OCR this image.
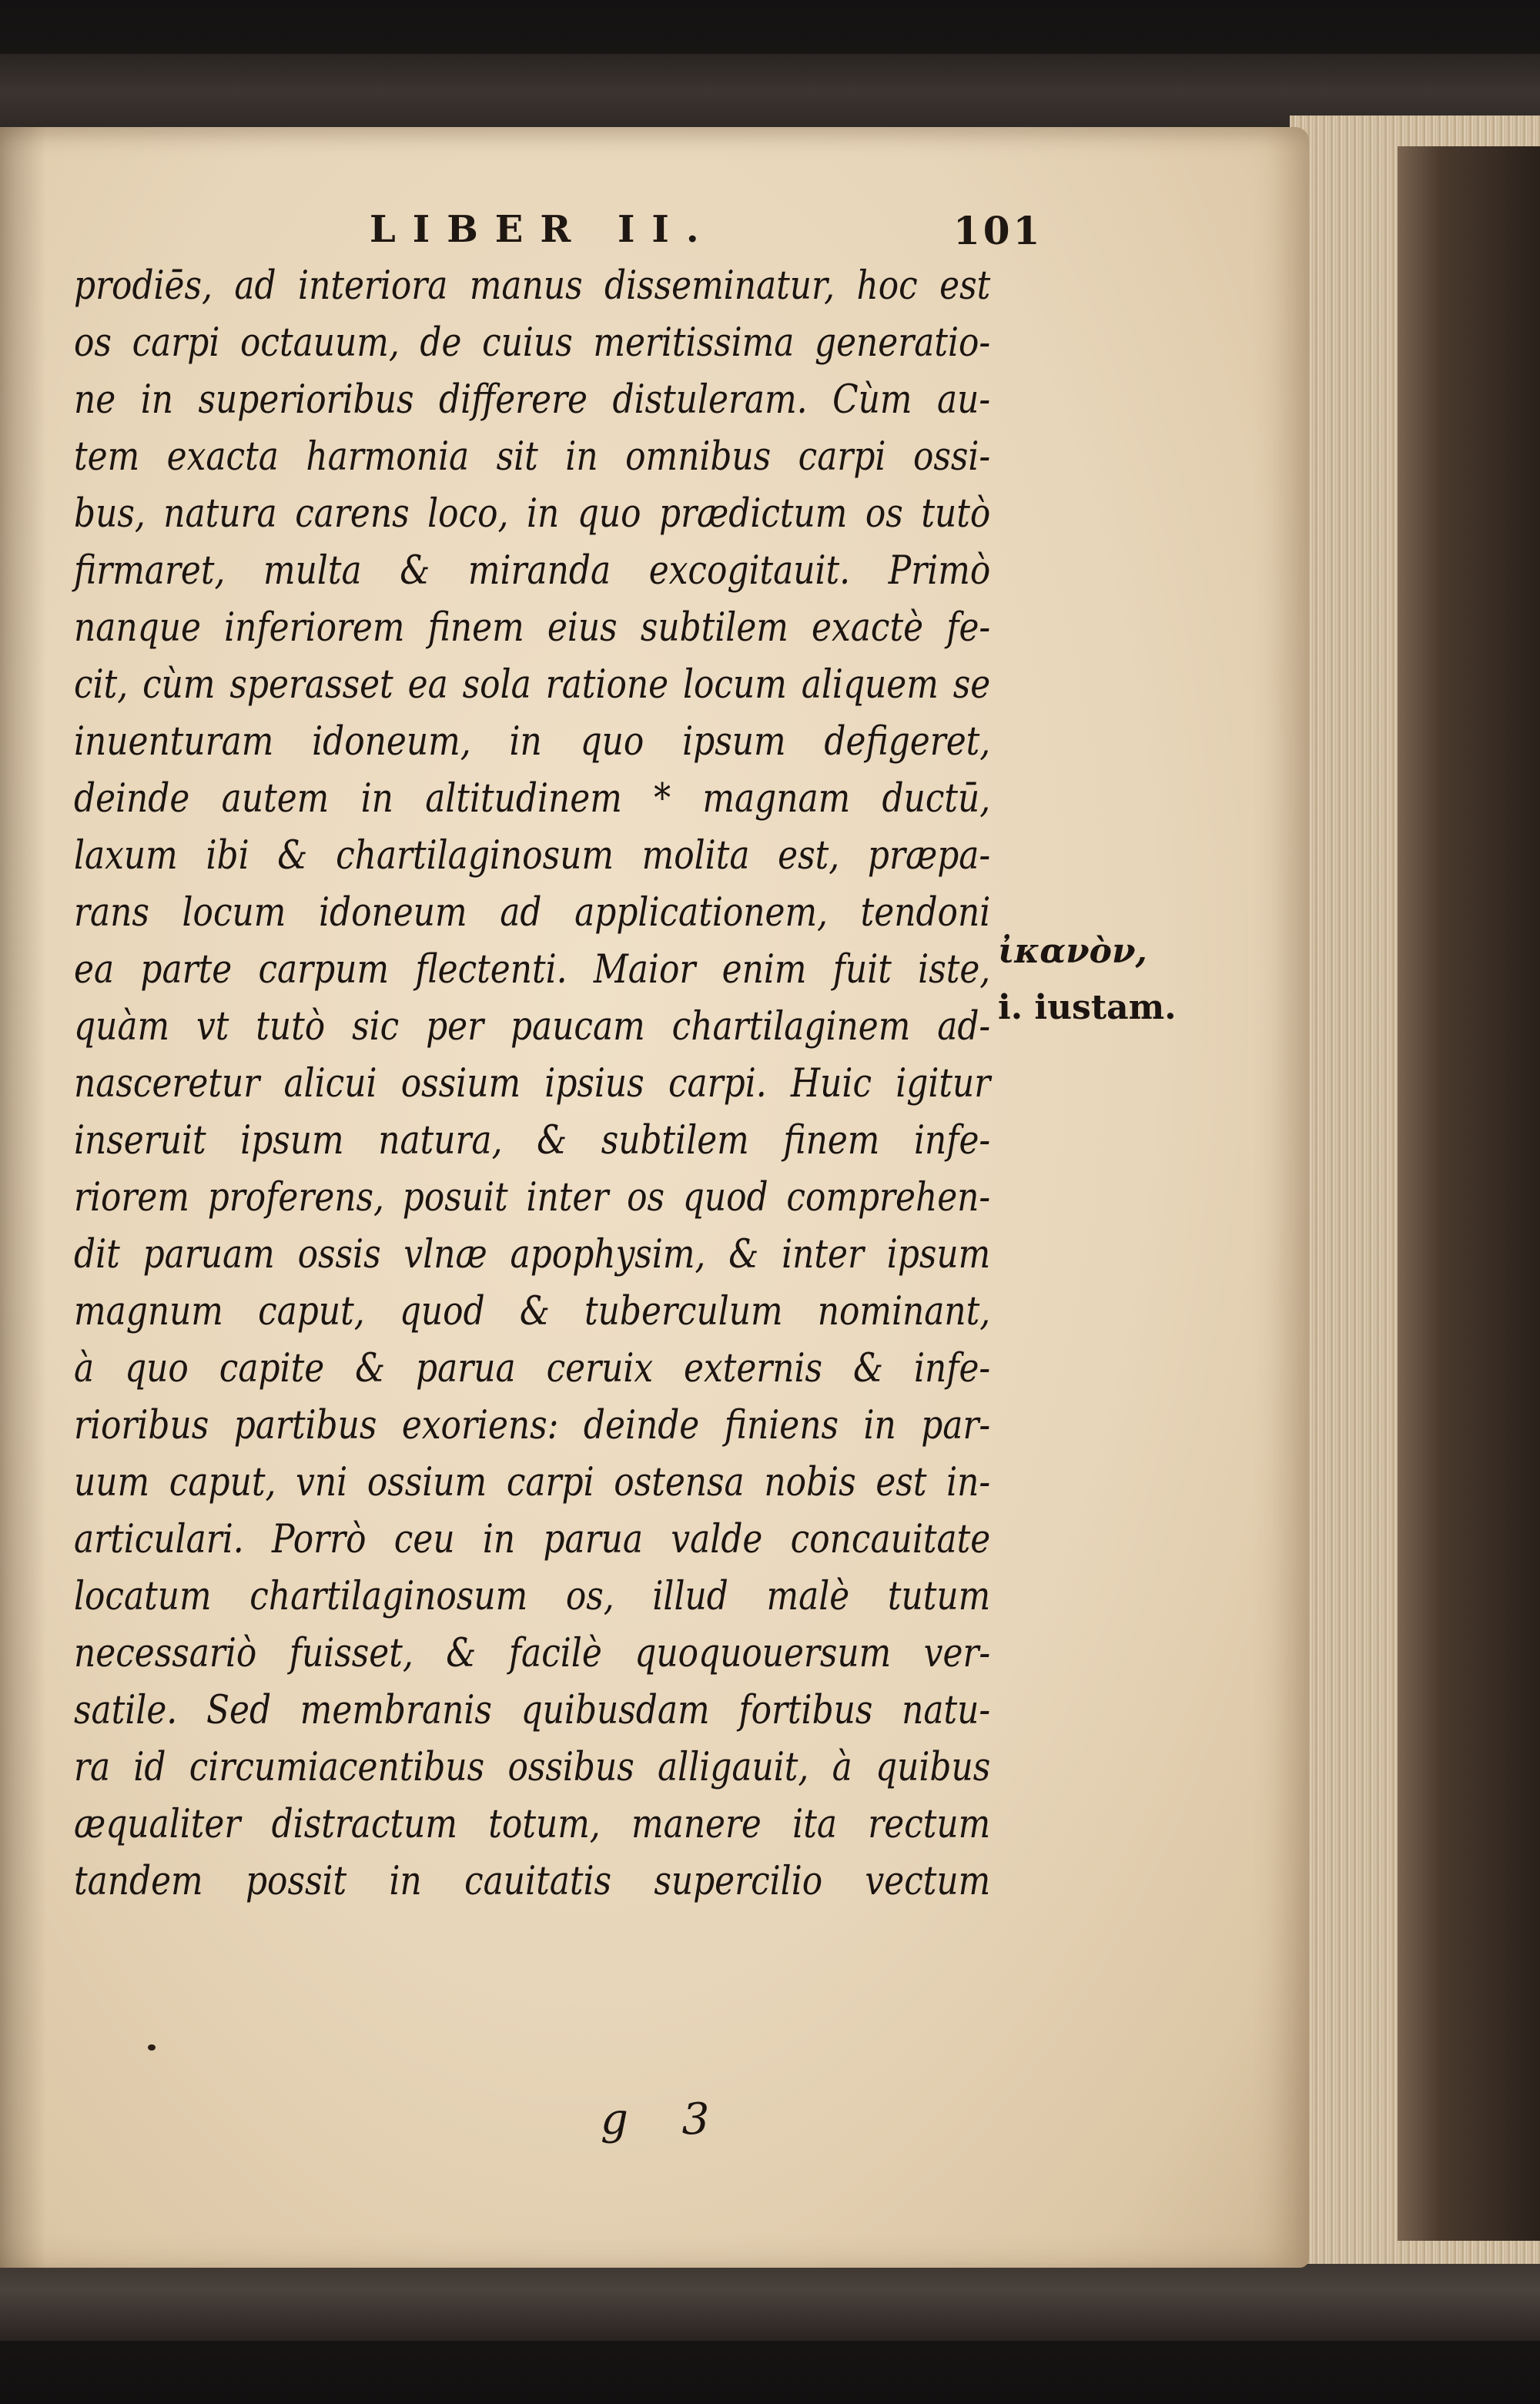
LIBER II.	101
prodiēs, ad interiora manus disseminatur, hoc est
os carpi octauum, de cuius meritissima generatio-
ne in superioribus differere distuleram. Cùm au-
tem exacta harmonia sit in omnibus carpi ossi-
bus, natura carens loco, in quo prædictum os tutò
firmaret, multa & miranda excogitauit. Primò
nanque inferiorem finem eius subtilem exactè fe-
cit, cùm sperasset ea sola ratione locum aliquem se
inuenturam idoneum, in quo ipsum defigeret,
deinde autem in altitudinem * magnam ductū,
laxum ibi & chartilaginosum molita est, præpa-
rans locum idoneum ad applicationem, tendoni
ea parte carpum flectenti. Maior enim fuit iste,
quàm vt tutò sic per paucam chartilaginem ad-
nasceretur alicui ossium ipsius carpi. Huic igitur
inseruit ipsum natura, & subtilem finem infe-
riorem proferens, posuit inter os quod comprehen-
dit paruam ossis vlnæ apophysim, & inter ipsum
magnum caput, quod & tuberculum nominant,
à quo capite & parua ceruix externis & infe-
rioribus partibus exoriens: deinde finiens in par-
uum caput, vni ossium carpi ostensa nobis est in-
articulari. Porrò ceu in parua valde concauitate
locatum chartilaginosum os, illud malè tutum
necessariò fuisset, & facilè quoquouersum ver-
satile. Sed membranis quibusdam fortibus natu-
ra id circumiacentibus ossibus alligauit, à quibus
æqualiter distractum totum, manere ita rectum
tandem possit in cauitatis supercilio vectum
ἰκανὸν,
i. iustam.
g 3
